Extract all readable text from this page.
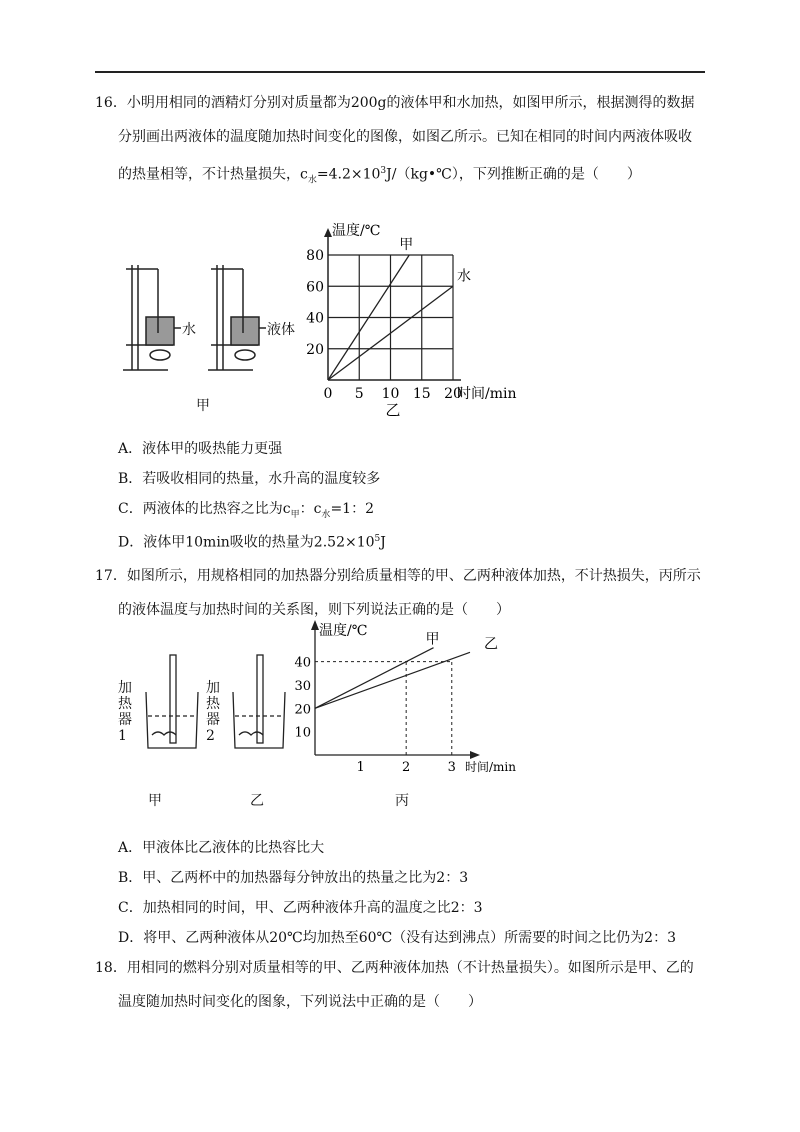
16．小明用相同的酒精灯分别对质量都为200g的液体甲和水加热，如图甲所示，根据测得的数据

分别画出两液体的温度随加热时间变化的图像，如图乙所示。已知在相同的时间内两液体吸收

的热量相等，不计热量损失，$c_水=4.2\times 10^3J/(kg•℃)$，下列推断正确的是（　　）

水	液体
甲
0 5 10 15 20
20
40
60
80
温度/℃
时间/min
甲
水
乙
A．液体甲的吸热能力更强
B．若吸收相同的热量，水升高的温度较多
C．两液体的比热容之比为$c_甲$：$c_水=1$：2
D．液体甲10min吸收的热量为$2.52\times 10^5J$

17．如图所示，用规格相同的加热器分别给质量相等的甲、乙两种液体加热，不计热损失，丙所示

的液体温度与加热时间的关系图，则下列说法正确的是（　　）

加
热
器
1
加
热
器
2
甲	乙	丙
1	2	3
10
20
30
40
温度/℃
时间/min
甲	乙
A．甲液体比乙液体的比热容比大
B．甲、乙两杯中的加热器每分钟放出的热量之比为2：3
C．加热相同的时间，甲、乙两种液体升高的温度之比2：3
D．将甲、乙两种液体从20℃均加热至60℃（没有达到沸点）所需要的时间之比仍为2：3

18．用相同的燃料分别对质量相等的甲、乙两种液体加热（不计热量损失）。如图所示是甲、乙的

温度随加热时间变化的图象，下列说法中正确的是（　　）
